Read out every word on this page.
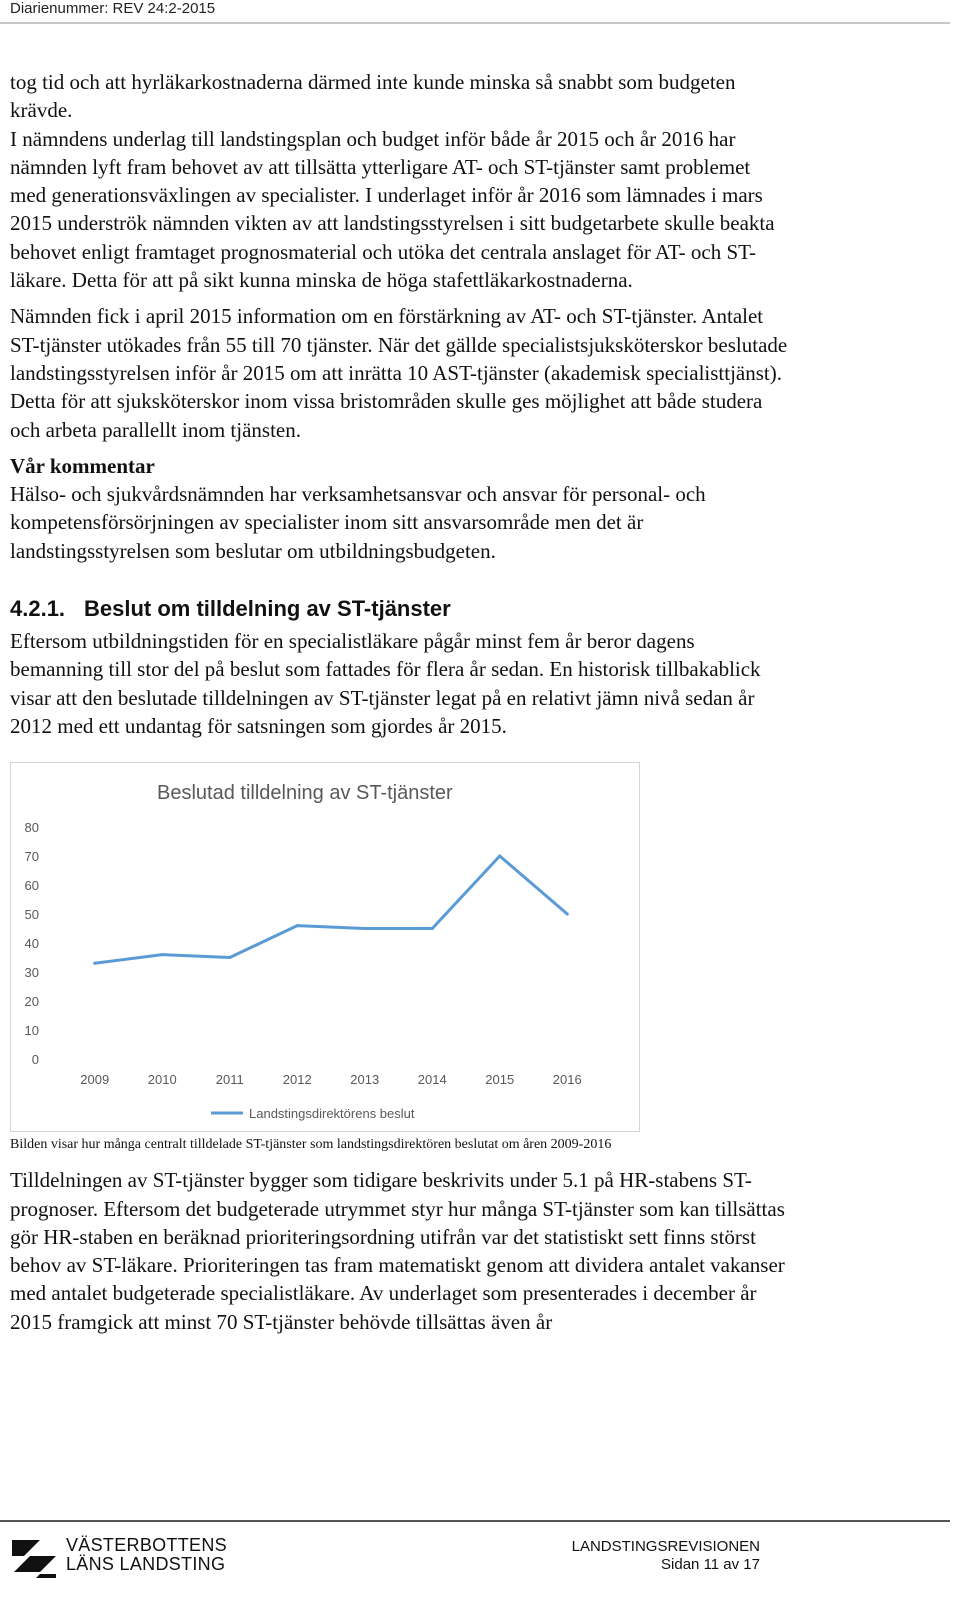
Diarienummer: REV 24:2-2015

tog tid och att hyrläkarkostnaderna därmed inte kunde minska så snabbt som budgeten krävde.

I nämndens underlag till landstingsplan och budget inför både år 2015 och år 2016 har nämnden lyft fram behovet av att tillsätta ytterligare AT- och ST-tjänster samt problemet med generationsväxlingen av specialister. I underlaget inför år 2016 som lämnades i mars 2015 underströk nämnden vikten av att landstingsstyrelsen i sitt budgetarbete skulle beakta behovet enligt framtaget prognosmaterial och utöka det centrala anslaget för AT- och ST-läkare. Detta för att på sikt kunna minska de höga stafettläkarkostnaderna.

Nämnden fick i april 2015 information om en förstärkning av AT- och ST-tjänster. Antalet ST-tjänster utökades från 55 till 70 tjänster. När det gällde specialistsjuksköterskor beslutade landstingsstyrelsen inför år 2015 om att inrätta 10 AST-tjänster (akademisk specialisttjänst). Detta för att sjuksköterskor inom vissa bristområden skulle ges möjlighet att både studera och arbeta parallellt inom tjänsten.

Vår kommentar

Hälso- och sjukvårdsnämnden har verksamhetsansvar och ansvar för personal- och kompetensförsörjningen av specialister inom sitt ansvarsområde men det är landstingsstyrelsen som beslutar om utbildningsbudgeten.

4.2.1. Beslut om tilldelning av ST-tjänster

Eftersom utbildningstiden för en specialistläkare pågår minst fem år beror dagens bemanning till stor del på beslut som fattades för flera år sedan. En historisk tillbakablick visar att den beslutade tilldelningen av ST-tjänster legat på en relativt jämn nivå sedan år 2012 med ett undantag för satsningen som gjordes år 2015.

Beslutad tilldelning av ST-tjänster
0
10
20
30
40
50
60
70
80
2009	2010	2011	2012	2013	2014	2015	2016
Landstingsdirektörens beslut

Bilden visar hur många centralt tilldelade ST-tjänster som landstingsdirektören beslutat om åren 2009-2016

Tilldelningen av ST-tjänster bygger som tidigare beskrivits under 5.1 på HR-stabens ST-prognoser. Eftersom det budgeterade utrymmet styr hur många ST-tjänster som kan tillsättas gör HR-staben en beräknad prioriteringsordning utifrån var det statistiskt sett finns störst behov av ST-läkare. Prioriteringen tas fram matematiskt genom att dividera antalet vakanser med antalet budgeterade specialistläkare. Av underlaget som presenterades i december år 2015 framgick att minst 70 ST-tjänster behövde tillsättas även år

VÄSTERBOTTENS
LÄNS LANDSTING
LANDSTINGSREVISIONEN
Sidan 11 av 17
